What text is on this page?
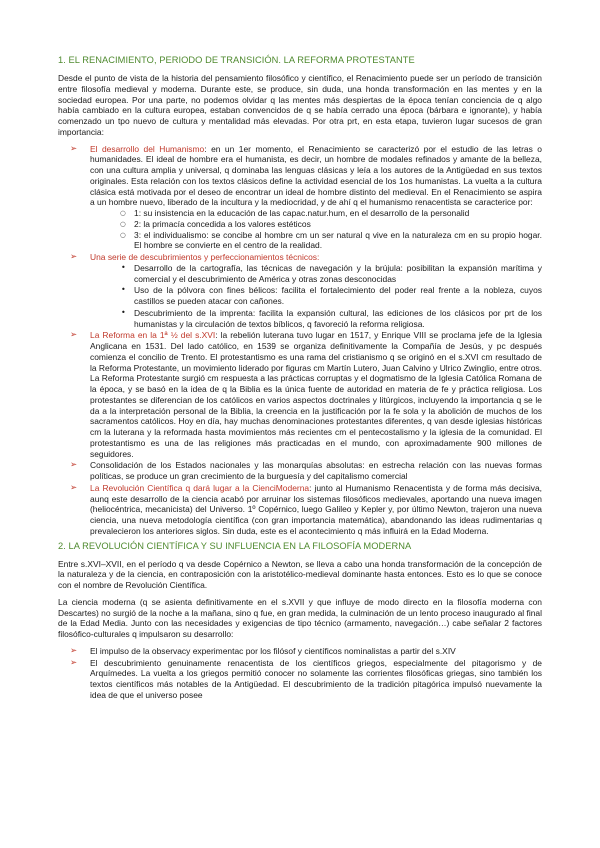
1. EL RENACIMIENTO, PERIODO DE TRANSICIÓN. LA REFORMA PROTESTANTE

Desde el punto de vista de la historia del pensamiento filosófico y científico, el Renacimiento puede ser un período de transición entre filosofía medieval y moderna. Durante este, se produce, sin duda, una honda transformación en las mentes y en la sociedad europea. Por una parte, no podemos olvidar q las mentes más despiertas de la época tenían conciencia de q algo había cambiado en la cultura europea, estaban convencidos de q se había cerrado una época (bárbara e ignorante), y había comenzado un tpo nuevo de cultura y mentalidad más elevadas. Por otra prt, en esta etapa, tuvieron lugar sucesos de gran importancia:

➢ El desarrollo del Humanismo: en un 1er momento, el Renacimiento se caracterizó por el estudio de las letras o humanidades. El ideal de hombre era el humanista, es decir, un hombre de modales refinados y amante de la belleza, con una cultura amplia y universal, q dominaba las lenguas clásicas y leía a los autores de la Antigüedad en sus textos originales. Esta relación con los textos clásicos define la actividad esencial de los 1os humanistas. La vuelta a la cultura clásica está motivada por el deseo de encontrar un ideal de hombre distinto del medieval. En el Renacimiento se aspira a un hombre nuevo, liberado de la incultura y la mediocridad, y de ahí q el humanismo renacentista se caracterice por:
○ 1: su insistencia en la educación de las capac.natur.hum, en el desarrollo de la personalid
○ 2: la primacía concedida a los valores estéticos
○ 3: el individualismo: se concibe al hombre cm un ser natural q vive en la naturaleza cm en su propio hogar. El hombre se convierte en el centro de la realidad.
➢ Una serie de descubrimientos y perfeccionamientos técnicos:
• Desarrollo de la cartografía, las técnicas de navegación y la brújula: posibilitan la expansión marítima y comercial y el descubrimiento de América y otras zonas desconocidas
• Uso de la pólvora con fines bélicos: facilita el fortalecimiento del poder real frente a la nobleza, cuyos castillos se pueden atacar con cañones.
• Descubrimiento de la imprenta: facilita la expansión cultural, las ediciones de los clásicos por prt de los humanistas y la circulación de textos bíblicos, q favoreció la reforma religiosa.
➢ La Reforma en la 1ª ½ del s.XVI: la rebelión luterana tuvo lugar en 1517, y Enrique VIII se proclama jefe de la Iglesia Anglicana en 1531. Del lado católico, en 1539 se organiza definitivamente la Compañía de Jesús, y pc después comienza el concilio de Trento. El protestantismo es una rama del cristianismo q se originó en el s.XVI cm resultado de la Reforma Protestante, un movimiento liderado por figuras cm Martín Lutero, Juan Calvino y Ulrico Zwinglio, entre otros. La Reforma Protestante surgió cm respuesta a las prácticas corruptas y el dogmatismo de la Iglesia Católica Romana de la época, y se basó en la idea de q la Biblia es la única fuente de autoridad en materia de fe y práctica religiosa. Los protestantes se diferencian de los católicos en varios aspectos doctrinales y litúrgicos, incluyendo la importancia q se le da a la interpretación personal de la Biblia, la creencia en la justificación por la fe sola y la abolición de muchos de los sacramentos católicos. Hoy en día, hay muchas denominaciones protestantes diferentes, q van desde iglesias históricas cm la luterana y la reformada hasta movimientos más recientes cm el pentecostalismo y la iglesia de la comunidad. El protestantismo es una de las religiones más practicadas en el mundo, con aproximadamente 900 millones de seguidores.
➢ Consolidación de los Estados nacionales y las monarquías absolutas: en estrecha relación con las nuevas formas políticas, se produce un gran crecimiento de la burguesía y del capitalismo comercial
➢ La Revolución Científica q dará lugar a la CienciModerna: junto al Humanismo Renacentista y de forma más decisiva, aunq este desarrollo de la ciencia acabó por arruinar los sistemas filosóficos medievales, aportando una nueva imagen (heliocéntrica, mecanicista) del Universo. 1º Copérnico, luego Galileo y Kepler y, por último Newton, trajeron una nueva ciencia, una nueva metodología científica (con gran importancia matemática), abandonando las ideas rudimentarias q prevalecieron los anteriores siglos. Sin duda, este es el acontecimiento q más influirá en la Edad Moderna.
2. LA REVOLUCIÓN CIENTÍFICA Y SU INFLUENCIA EN LA FILOSOFÍA MODERNA

Entre s.XVI–XVII, en el período q va desde Copérnico a Newton, se lleva a cabo una honda transformación de la concepción de la naturaleza y de la ciencia, en contraposición con la aristotélico-medieval dominante hasta entonces. Esto es lo que se conoce con el nombre de Revolución Científica.

La ciencia moderna (q se asienta definitivamente en el s.XVII y que influye de modo directo en la filosofía moderna con Descartes) no surgió de la noche a la mañana, sino q fue, en gran medida, la culminación de un lento proceso inaugurado al final de la Edad Media. Junto con las necesidades y exigencias de tipo técnico (armamento, navegación…) cabe señalar 2 factores filosófico-culturales q impulsaron su desarrollo:

➢ El impulso de la observacy experimentac por los filósof y científicos nominalistas a partir del s.XIV
➢ El descubrimiento genuinamente renacentista de los científicos griegos, especialmente del pitagorismo y de Arquímedes. La vuelta a los griegos permitió conocer no solamente las corrientes filosóficas griegas, sino también los textos científicos más notables de la Antigüedad. El descubrimiento de la tradición pitagórica impulsó nuevamente la idea de que el universo posee
